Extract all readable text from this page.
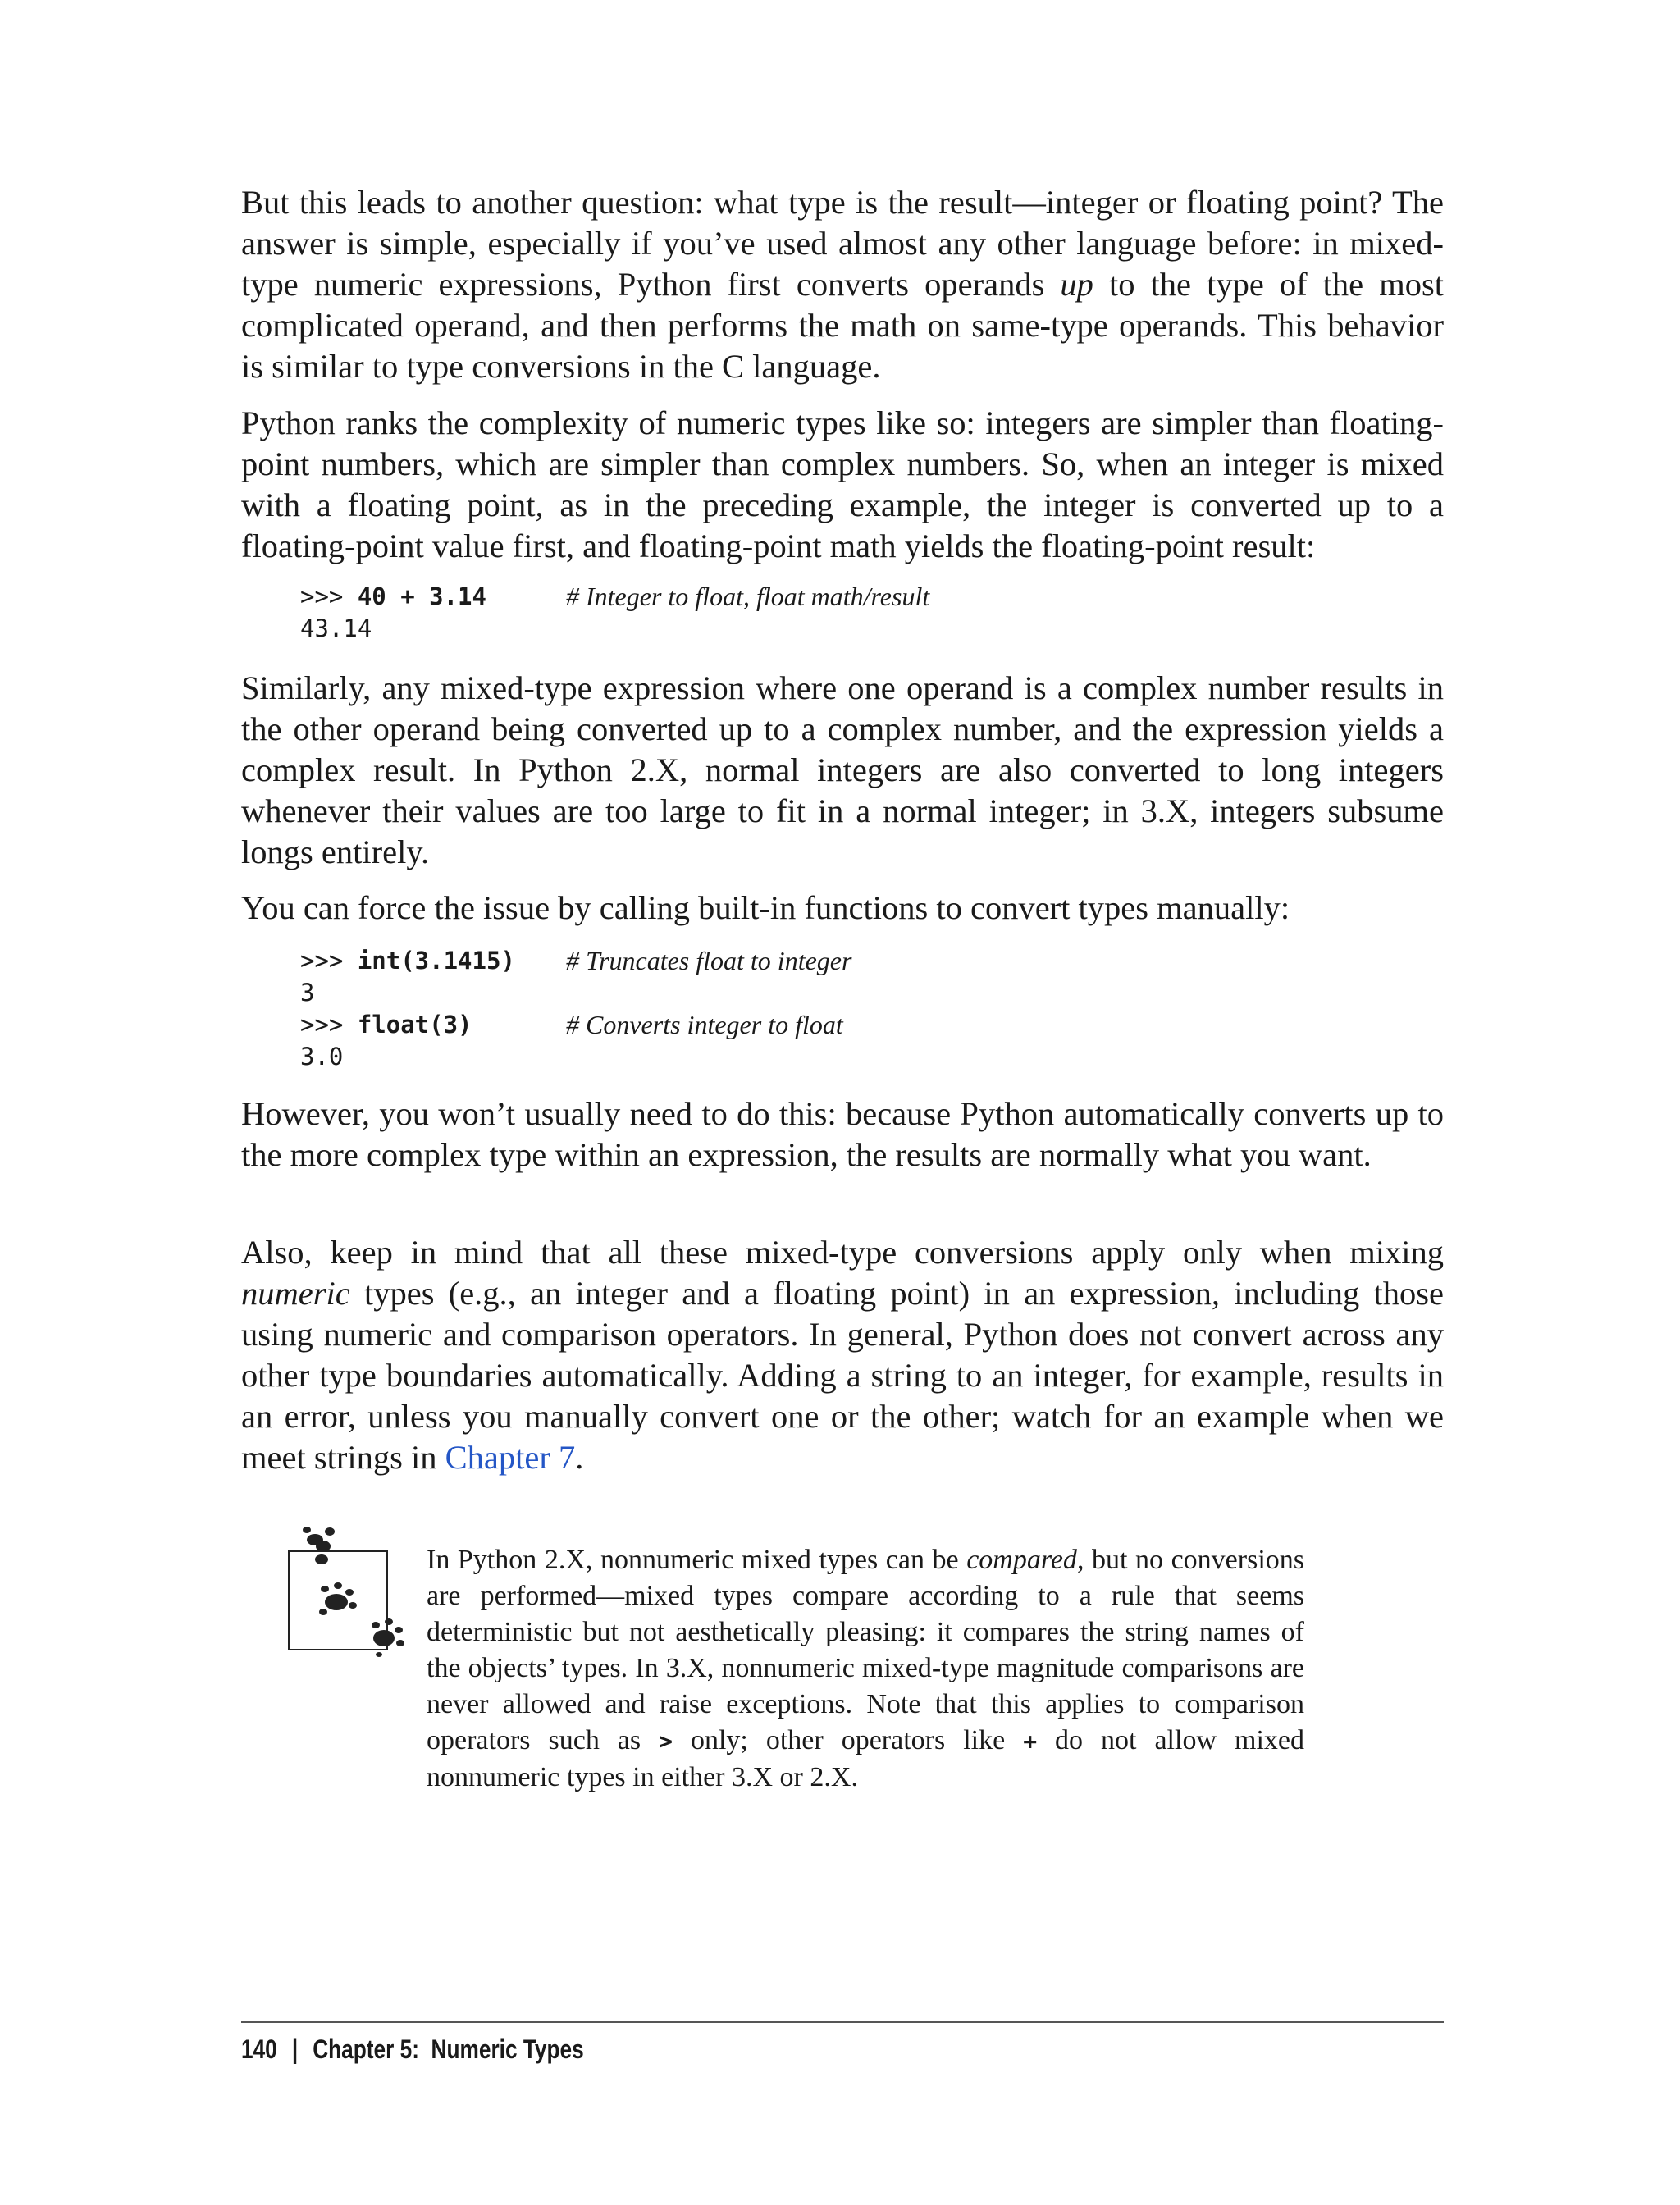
But this leads to another question: what type is the result—integer or floating point? The answer is simple, especially if you’ve used almost any other language before: in mixed-type numeric expressions, Python first converts operands up to the type of the most complicated operand, and then performs the math on same-type operands. This behavior is similar to type conversions in the C language.

Python ranks the complexity of numeric types like so: integers are simpler than floating-point numbers, which are simpler than complex numbers. So, when an integer is mixed with a floating point, as in the preceding example, the integer is converted up to a floating-point value first, and floating-point math yields the floating-point result:

>>> 40 + 3.14	# Integer to float, float math/result
43.14

Similarly, any mixed-type expression where one operand is a complex number results in the other operand being converted up to a complex number, and the expression yields a complex result. In Python 2.X, normal integers are also converted to long integers whenever their values are too large to fit in a normal integer; in 3.X, integers subsume longs entirely.

You can force the issue by calling built-in functions to convert types manually:

>>> int(3.1415) # Truncates float to integer
3
>>> float(3)	# Converts integer to float
3.0

However, you won’t usually need to do this: because Python automatically converts up to the more complex type within an expression, the results are normally what you want.

Also, keep in mind that all these mixed-type conversions apply only when mixing numeric types (e.g., an integer and a floating point) in an expression, including those using numeric and comparison operators. In general, Python does not convert across any other type boundaries automatically. Adding a string to an integer, for example, results in an error, unless you manually convert one or the other; watch for an example when we meet strings in Chapter 7.

In Python 2.X, nonnumeric mixed types can be compared, but no conversions are performed—mixed types compare according to a rule that seems deterministic but not aesthetically pleasing: it compares the string names of the objects’ types. In 3.X, nonnumeric mixed-type magnitude comparisons are never allowed and raise exceptions. Note that this applies to comparison operators such as > only; other operators like + do not allow mixed nonnumeric types in either 3.X or 2.X.

140 | Chapter 5:  Numeric Types
